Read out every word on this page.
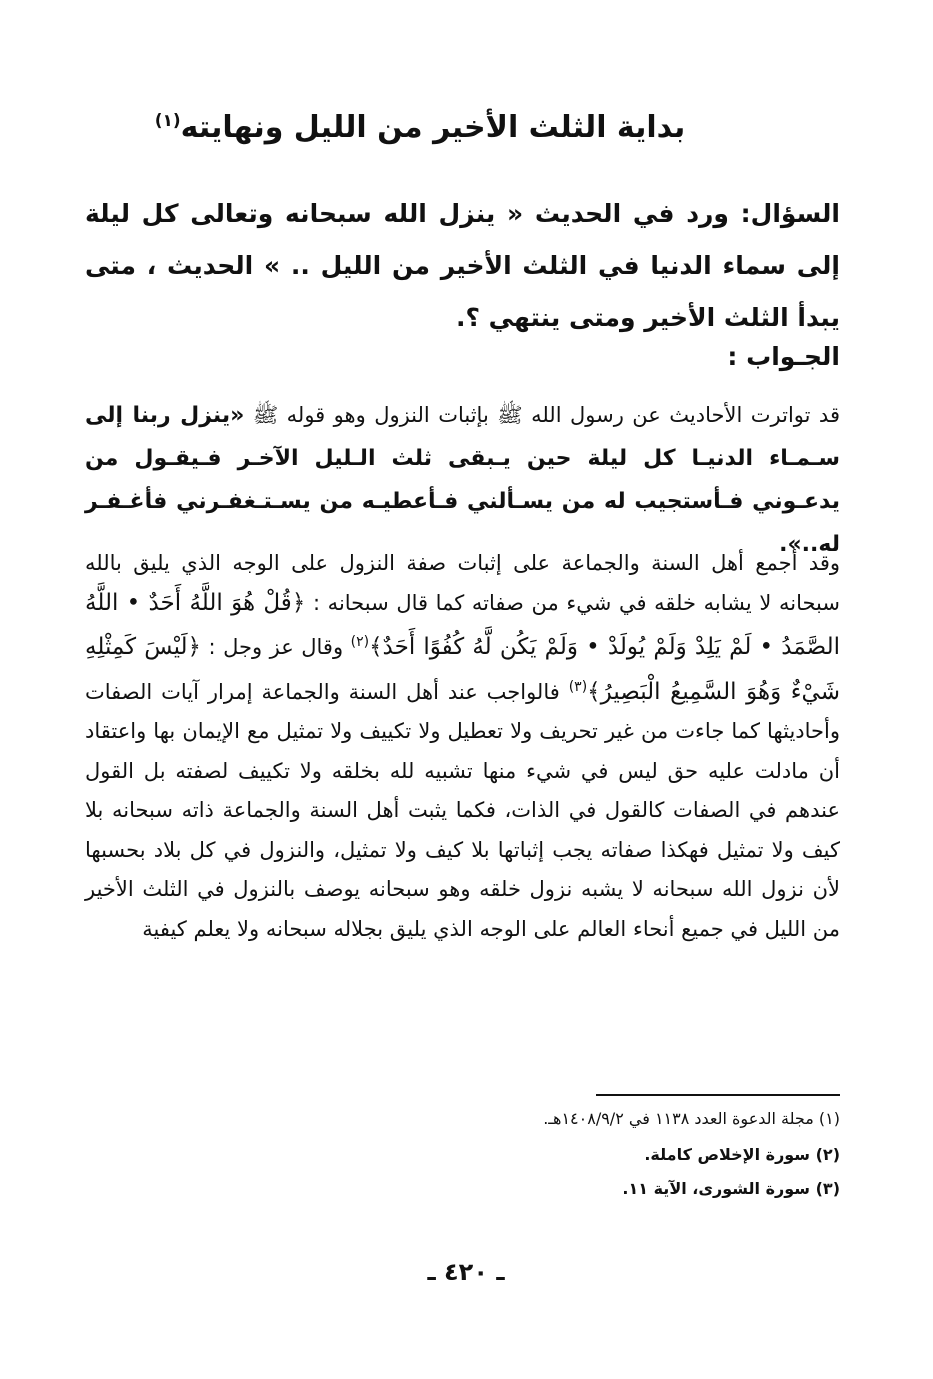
بداية الثلث الأخير من الليل ونهايته$^{(١)}$
السؤال: ورد في الحديث « ينزل الله سبحانه وتعالى كل ليلة إلى سماء الدنيا في الثلث الأخير من الليل .. » الحديث ، متى يبدأ الثلث الأخير ومتى ينتهي ؟.
الجـواب :
قد تواترت الأحاديث عن رسول الله ﷺ بإثبات النزول وهو قوله ﷺ «ينزل ربنا إلى سـمـاء الدنيـا كل ليلة حين يـبقى ثلث الـليل الآخـر فـيقـول من يدعـوني فـأستجيب له من يسـألني فـأعطيـه من يسـتـغفـرني فأغـفـر له..».
وقد أجمع أهل السنة والجماعة على إثبات صفة النزول على الوجه الذي يليق بالله سبحانه لا يشابه خلقه في شيء من صفاته كما قال سبحانه : ﴿قُلْ هُوَ اللَّهُ أَحَدٌ • اللَّهُ الصَّمَدُ • لَمْ يَلِدْ وَلَمْ يُولَدْ • وَلَمْ يَكُن لَّهُ كُفُوًا أَحَدٌ﴾$^{(٢)}$ وقال عز وجل : ﴿لَيْسَ كَمِثْلِهِ شَيْءٌ وَهُوَ السَّمِيعُ الْبَصِيرُ﴾$^{(٣)}$ فالواجب عند أهل السنة والجماعة إمرار آيات الصفات وأحاديثها كما جاءت من غير تحريف ولا تعطيل ولا تكييف ولا تمثيل مع الإيمان بها واعتقاد أن مادلت عليه حق ليس في شيء منها تشبيه لله بخلقه ولا تكييف لصفته بل القول عندهم في الصفات كالقول في الذات، فكما يثبت أهل السنة والجماعة ذاته سبحانه بلا كيف ولا تمثيل فهكذا صفاته يجب إثباتها بلا كيف ولا تمثيل، والنزول في كل بلاد بحسبها لأن نزول الله سبحانه لا يشبه نزول خلقه وهو سبحانه يوصف بالنزول في الثلث الأخير من الليل في جميع أنحاء العالم على الوجه الذي يليق بجلاله سبحانه ولا يعلم كيفية
(١) مجلة الدعوة العدد ١١٣٨ في ١٤٠٨/٩/٢هـ.
(٢) سورة الإخلاص كاملة.
(٣) سورة الشورى، الآية ١١.
ـ ٤٢٠ ـ
